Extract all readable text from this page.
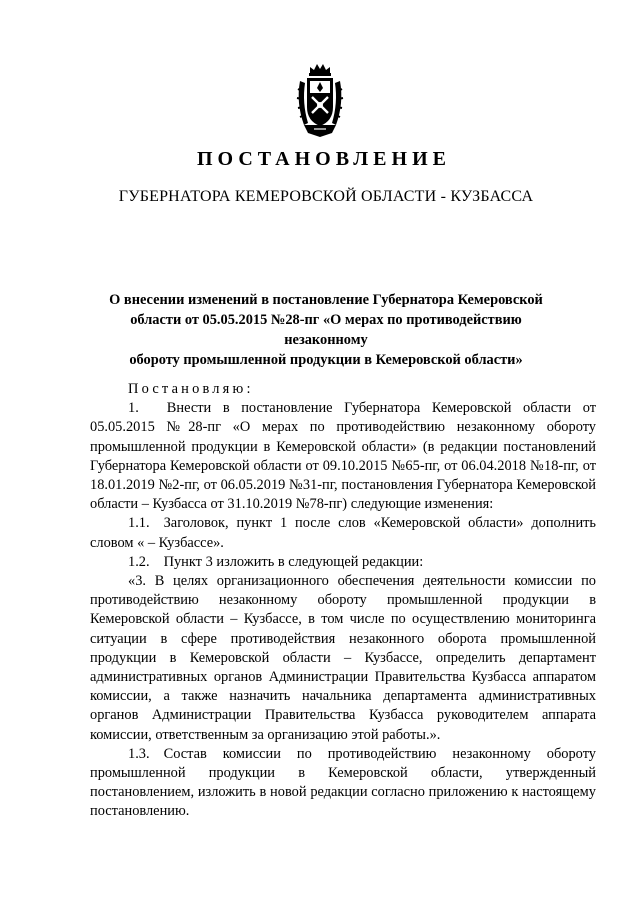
ПОСТАНОВЛЕНИЕ
ГУБЕРНАТОРА КЕМЕРОВСКОЙ ОБЛАСТИ - КУЗБАССА
О внесении изменений в постановление Губернатора Кемеровской
области от 05.05.2015 №28-пг «О мерах по противодействию незаконному
обороту промышленной продукции в Кемеровской области»

Постановляю:

1. Внести в постановление Губернатора Кемеровской области от 05.05.2015 №28-пг «О мерах по противодействию незаконному обороту промышленной продукции в Кемеровской области» (в редакции постановлений Губернатора Кемеровской области от 09.10.2015 №65-пг, от 06.04.2018 №18-пг, от 18.01.2019 №2-пг, от 06.05.2019 №31-пг, постановления Губернатора Кемеровской области – Кузбасса от 31.10.2019 №78-пг) следующие изменения:

1.1. Заголовок, пункт 1 после слов «Кемеровской области» дополнить словом « – Кузбассе».

1.2. Пункт 3 изложить в следующей редакции:

«3. В целях организационного обеспечения деятельности комиссии по противодействию незаконному обороту промышленной продукции в Кемеровской области – Кузбассе, в том числе по осуществлению мониторинга ситуации в сфере противодействия незаконного оборота промышленной продукции в Кемеровской области – Кузбассе, определить департамент административных органов Администрации Правительства Кузбасса аппаратом комиссии, а также назначить начальника департамента административных органов Администрации Правительства Кузбасса руководителем аппарата комиссии, ответственным за организацию этой работы.».

1.3. Состав комиссии по противодействию незаконному обороту промышленной продукции в Кемеровской области, утвержденный постановлением, изложить в новой редакции согласно приложению к настоящему постановлению.
